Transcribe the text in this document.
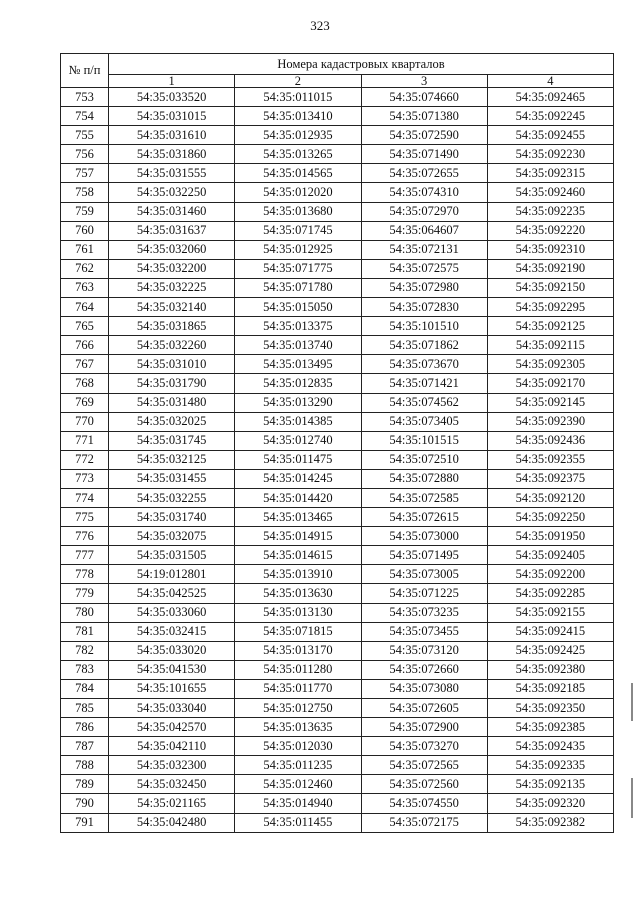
323
№ п/п	Номера кадастровых кварталов			
	1	2	3	4
753	54:35:033520	54:35:011015	54:35:074660	54:35:092465
754	54:35:031015	54:35:013410	54:35:071380	54:35:092245
755	54:35:031610	54:35:012935	54:35:072590	54:35:092455
756	54:35:031860	54:35:013265	54:35:071490	54:35:092230
757	54:35:031555	54:35:014565	54:35:072655	54:35:092315
758	54:35:032250	54:35:012020	54:35:074310	54:35:092460
759	54:35:031460	54:35:013680	54:35:072970	54:35:092235
760	54:35:031637	54:35:071745	54:35:064607	54:35:092220
761	54:35:032060	54:35:012925	54:35:072131	54:35:092310
762	54:35:032200	54:35:071775	54:35:072575	54:35:092190
763	54:35:032225	54:35:071780	54:35:072980	54:35:092150
764	54:35:032140	54:35:015050	54:35:072830	54:35:092295
765	54:35:031865	54:35:013375	54:35:101510	54:35:092125
766	54:35:032260	54:35:013740	54:35:071862	54:35:092115
767	54:35:031010	54:35:013495	54:35:073670	54:35:092305
768	54:35:031790	54:35:012835	54:35:071421	54:35:092170
769	54:35:031480	54:35:013290	54:35:074562	54:35:092145
770	54:35:032025	54:35:014385	54:35:073405	54:35:092390
771	54:35:031745	54:35:012740	54:35:101515	54:35:092436
772	54:35:032125	54:35:011475	54:35:072510	54:35:092355
773	54:35:031455	54:35:014245	54:35:072880	54:35:092375
774	54:35:032255	54:35:014420	54:35:072585	54:35:092120
775	54:35:031740	54:35:013465	54:35:072615	54:35:092250
776	54:35:032075	54:35:014915	54:35:073000	54:35:091950
777	54:35:031505	54:35:014615	54:35:071495	54:35:092405
778	54:19:012801	54:35:013910	54:35:073005	54:35:092200
779	54:35:042525	54:35:013630	54:35:071225	54:35:092285
780	54:35:033060	54:35:013130	54:35:073235	54:35:092155
781	54:35:032415	54:35:071815	54:35:073455	54:35:092415
782	54:35:033020	54:35:013170	54:35:073120	54:35:092425
783	54:35:041530	54:35:011280	54:35:072660	54:35:092380
784	54:35:101655	54:35:011770	54:35:073080	54:35:092185
785	54:35:033040	54:35:012750	54:35:072605	54:35:092350
786	54:35:042570	54:35:013635	54:35:072900	54:35:092385
787	54:35:042110	54:35:012030	54:35:073270	54:35:092435
788	54:35:032300	54:35:011235	54:35:072565	54:35:092335
789	54:35:032450	54:35:012460	54:35:072560	54:35:092135
790	54:35:021165	54:35:014940	54:35:074550	54:35:092320
791	54:35:042480	54:35:011455	54:35:072175	54:35:092382
